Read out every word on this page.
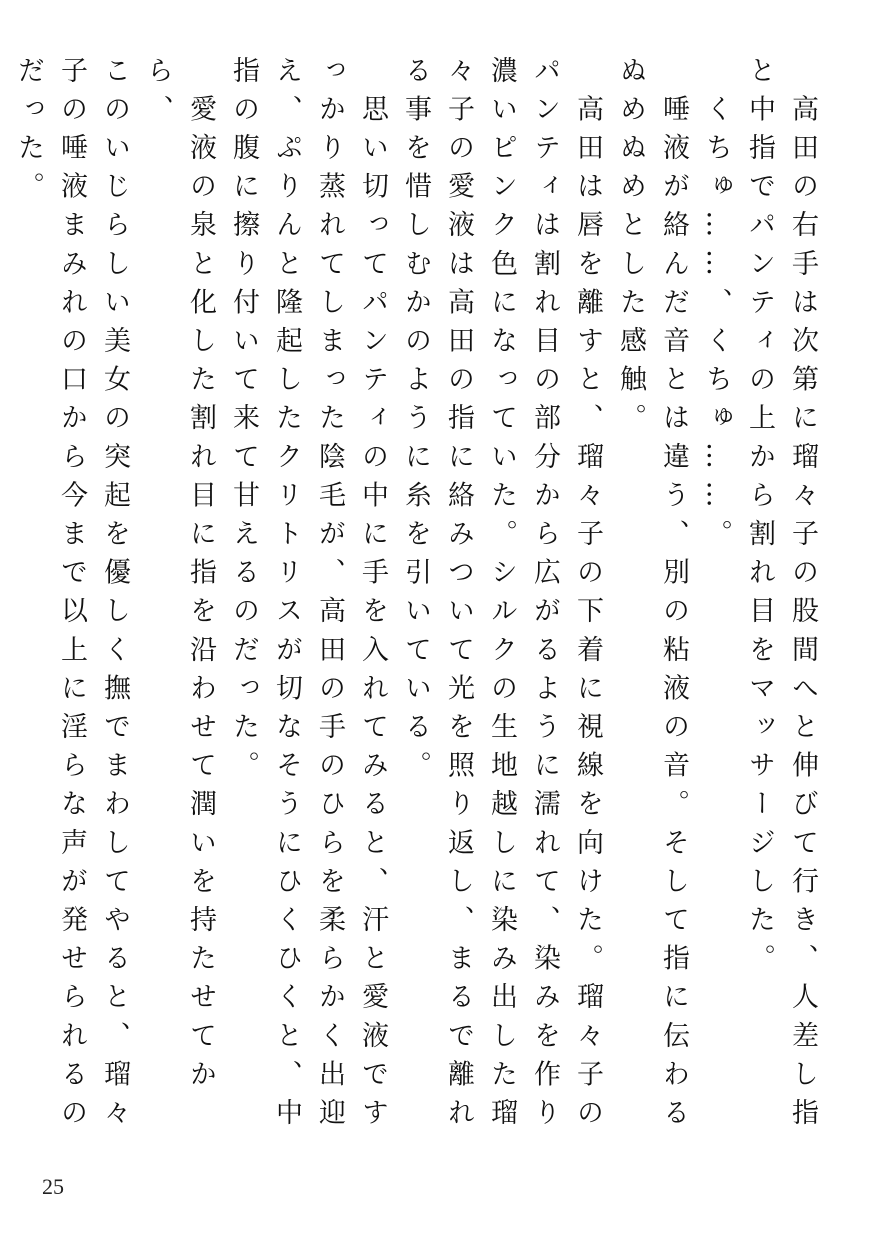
　高田の右手は次第に瑠々子の股間へと伸びて行き、人差し指
と中指でパンティの上から割れ目をマッサージした。
　くちゅ……、くちゅ……。
　唾液が絡んだ音とは違う、別の粘液の音。そして指に伝わる
ぬめぬめとした感触。
　高田は唇を離すと、瑠々子の下着に視線を向けた。瑠々子の
パンティは割れ目の部分から広がるように濡れて、染みを作り
濃いピンク色になっていた。シルクの生地越しに染み出した瑠
々子の愛液は高田の指に絡みついて光を照り返し、まるで離れ
る事を惜しむかのように糸を引いている。
　思い切ってパンティの中に手を入れてみると、汗と愛液です
っかり蒸れてしまった陰毛が、高田の手のひらを柔らかく出迎
え、ぷりんと隆起したクリトリスが切なそうにひくひくと、中
指の腹に擦り付いて来て甘えるのだった。
　愛液の泉と化した割れ目に指を沿わせて潤いを持たせてから、
このいじらしい美女の突起を優しく撫でまわしてやると、瑠々
子の唾液まみれの口から今まで以上に淫らな声が発せられるの
だった。
25
